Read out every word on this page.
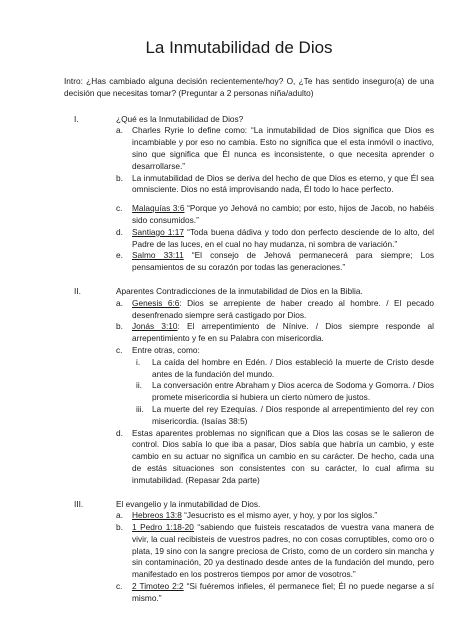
La Inmutabilidad de Dios

Intro: ¿Has cambiado alguna decisión recientemente/hoy? O, ¿Te has sentido inseguro(a) de una decisión que necesitas tomar? (Preguntar a 2 personas niña/adulto)

I.	¿Qué es la Inmutabilidad de Dios?
a. Charles Ryrie lo define como: “La inmutabilidad de Dios significa que Dios es incambiable y por eso no cambia. Esto no significa que el esta inmóvil o inactivo, sino que significa que Él nunca es inconsistente, o que necesita aprender o desarrollarse.”
b. La inmutabilidad de Dios se deriva del hecho de que Dios es eterno, y que Él sea omnisciente. Dios no está improvisando nada, Él todo lo hace perfecto.
c. Malaquías 3:6 “Porque yo Jehová no cambio; por esto, hijos de Jacob, no habéis sido consumidos.”
d. Santiago 1:17 “Toda buena dádiva y todo don perfecto desciende de lo alto, del Padre de las luces, en el cual no hay mudanza, ni sombra de variación.”
e. Salmo 33:11 “El consejo de Jehová permanecerá para siempre; Los pensamientos de su corazón por todas las generaciones.”
II.	Aparentes Contradicciones de la inmutabilidad de Dios en la Biblia.
a. Genesis 6:6: Dios se arrepiente de haber creado al hombre. / El pecado desenfrenado siempre será castigado por Dios.
b. Jonás 3:10: El arrepentimiento de Nínive. / Dios siempre responde al arrepentimiento y fe en su Palabra con misericordia.
c. Entre otras, como:
i. La caída del hombre en Edén. / Dios estableció la muerte de Cristo desde antes de la fundación del mundo.
ii. La conversación entre Abraham y Dios acerca de Sodoma y Gomorra. / Dios promete misericordia si hubiera un cierto número de justos.
iii. La muerte del rey Ezequías. / Dios responde al arrepentimiento del rey con misericordia. (Isaías 38:5)
d. Estas aparentes problemas no significan que a Dios las cosas se le salieron de control. Dios sabía lo que iba a pasar, Dios sabía que habría un cambio, y este cambio en su actuar no significa un cambio en su carácter. De hecho, cada una de estás situaciones son consistentes con su carácter, lo cual afirma su inmutabilidad. (Repasar 2da parte)
III.	El evangelio y la inmutabilidad de Dios.
a. Hebreos 13:8 “Jesucristo es el mismo ayer, y hoy, y por los siglos.”
b. 1 Pedro 1:18-20 “sabiendo que fuisteis rescatados de vuestra vana manera de vivir, la cual recibisteis de vuestros padres, no con cosas corruptibles, como oro o plata, 19 sino con la sangre preciosa de Cristo, como de un cordero sin mancha y sin contaminación, 20 ya destinado desde antes de la fundación del mundo, pero manifestado en los postreros tiempos por amor de vosotros.”
c. 2 Timoteo 2:2 “Si fuéremos infieles, él permanece fiel; Él no puede negarse a sí mismo.”
